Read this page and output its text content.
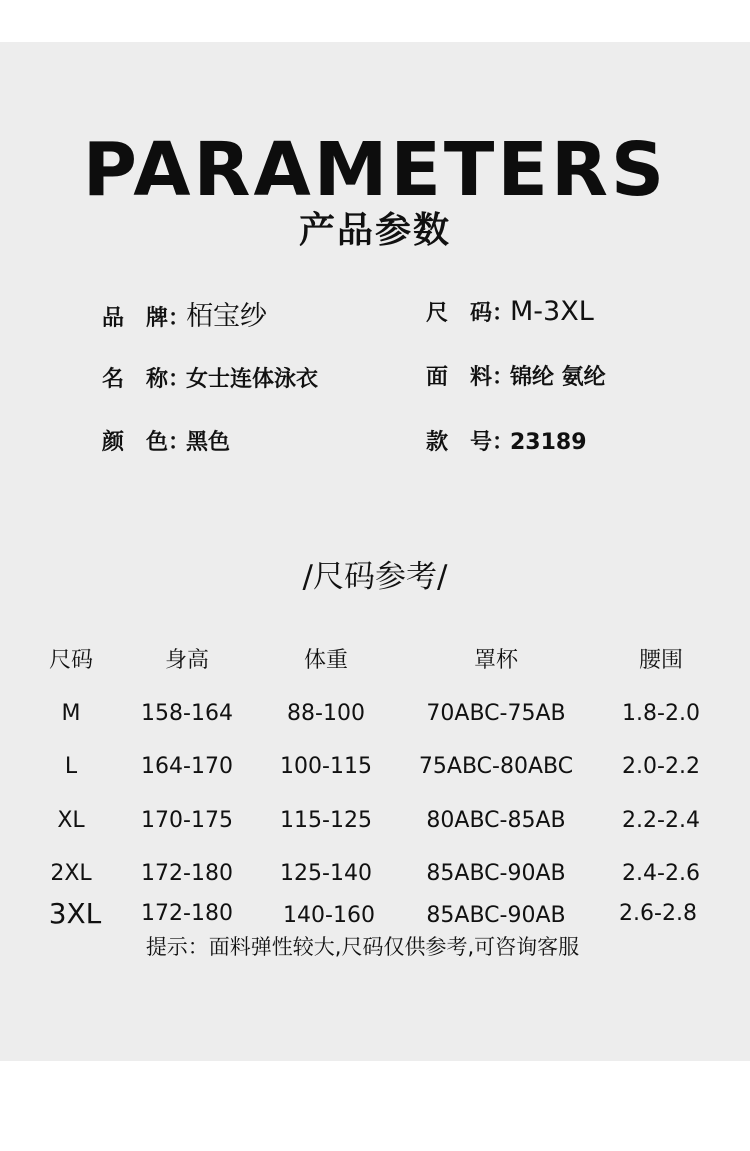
PARAMETERS
产品参数
品　牌：栢宝纱	尺　码：M-3XL
名　称：女士连体泳衣	面　料：锦纶 氨纶
颜　色：黑色	款　号：23189
/尺码参考/
尺码	身高	体重	罩杯	腰围
M	158-164	88-100	70ABC-75AB	1.8-2.0
L	164-170	100-115	75ABC-80ABC	2.0-2.2
XL	170-175	115-125	80ABC-85AB	2.2-2.4
2XL	172-180	125-140	85ABC-90AB	2.4-2.6
3XL	172-180	140-160	85ABC-90AB	2.6-2.8
提示：面料弹性较大,尺码仅供参考,可咨询客服
